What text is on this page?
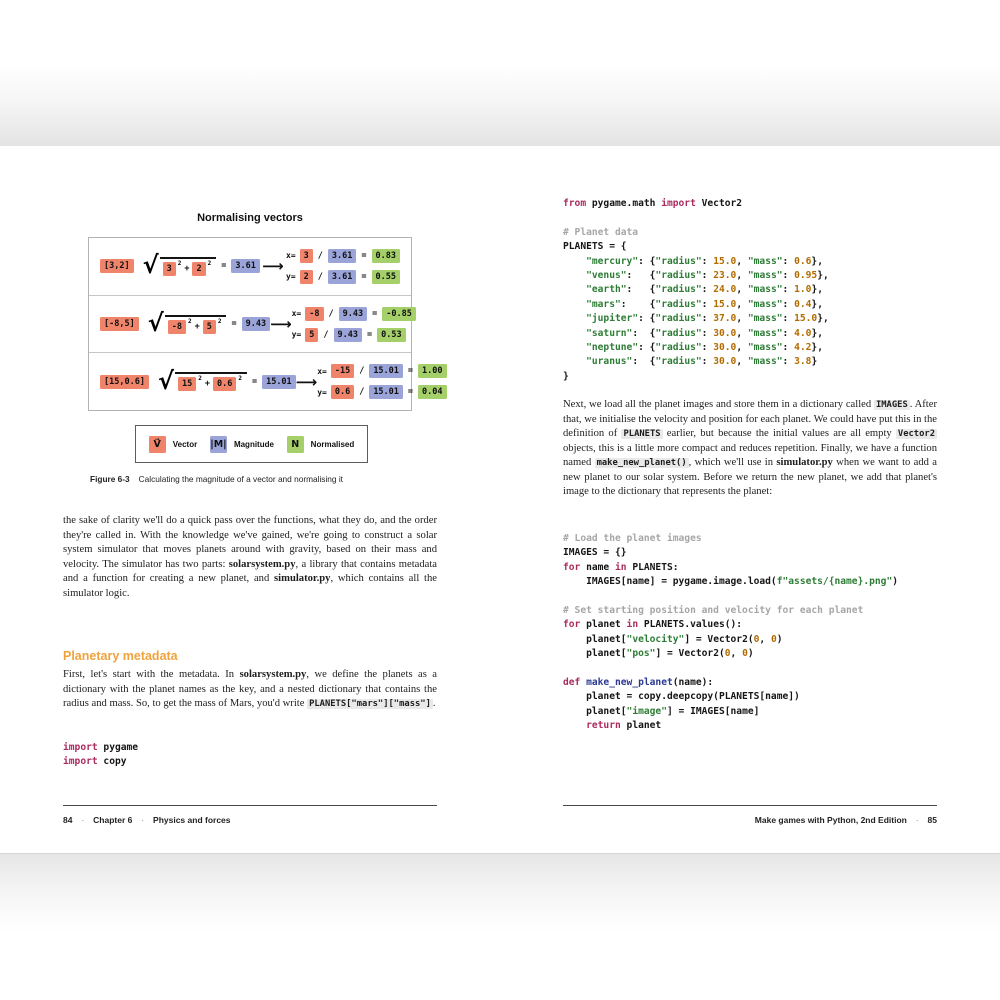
Normalising vectors
[3,2] √ 3
$^2$
+ 2
$^2$ =	3.61 ⟶
x= 3	/	3.61	=	0.83
y= 2	/	3.61	=	0.55
[-8,5] √ -8
$^2$
+ 5
$^2$ =	9.43 ⟶
x= -8	/	9.43	=	-0.85
y= 5	/	9.43	=	0.53
[15,0.6] √ 15
$^2$
+ 0.6
$^2$ =	15.01 ⟶
x= -15	/	15.01	=	1.00
y= 0.6	/	15.01	=	0.04
V⃗	Vector |M| Magnitude	N	Normalised
Figure 6-3 Calculating the magnitude of a vector and normalising it
the sake of clarity we'll do a quick pass over the functions, what they do, and the order they're called in. With the knowledge we've gained, we're going to construct a solar system simulator that moves planets around with gravity, based on their mass and velocity. The simulator has two parts: solarsystem.py, a library that contains metadata and a function for creating a new planet, and simulator.py, which contains all the simulator logic.
Planetary metadata
First, let's start with the metadata. In solarsystem.py, we define the planets as a dictionary with the planet names as the key, and a nested dictionary that contains the radius and mass. So, to get the mass of Mars, you'd write PLANETS["mars"]["mass"] .
import pygame
import copy
84 · Chapter 6 · Physics and forces
from pygame.math import Vector2

# Planet data
PLANETS = {
"mercury": {"radius": 15.0, "mass": 0.6},
"venus":   {"radius": 23.0, "mass": 0.95},
"earth":   {"radius": 24.0, "mass": 1.0},
"mars":    {"radius": 15.0, "mass": 0.4},
"jupiter": {"radius": 37.0, "mass": 15.0},
"saturn":  {"radius": 30.0, "mass": 4.0},
"neptune": {"radius": 30.0, "mass": 4.2},
"uranus":  {"radius": 30.0, "mass": 3.8}
}
Next, we load all the planet images and store them in a dictionary called IMAGES . After that, we initialise the velocity and position for each planet. We could have put this in the definition of PLANETS earlier, but because the initial values are all empty Vector2 objects, this is a little more compact and reduces repetition. Finally, we have a function named make_new_planet() , which we'll use in simulator.py when we want to add a new planet to our solar system. Before we return the new planet, we add that planet's image to the dictionary that represents the planet:
# Load the planet images
IMAGES = {}
for name in PLANETS:
IMAGES[name] = pygame.image.load(f"assets/{name}.png")

# Set starting position and velocity for each planet
for planet in PLANETS.values():
planet["velocity"] = Vector2(0, 0)
planet["pos"] = Vector2(0, 0)

def make_new_planet(name):
planet = copy.deepcopy(PLANETS[name])
planet["image"] = IMAGES[name]
return planet
Make games with Python, 2nd Edition · 85
